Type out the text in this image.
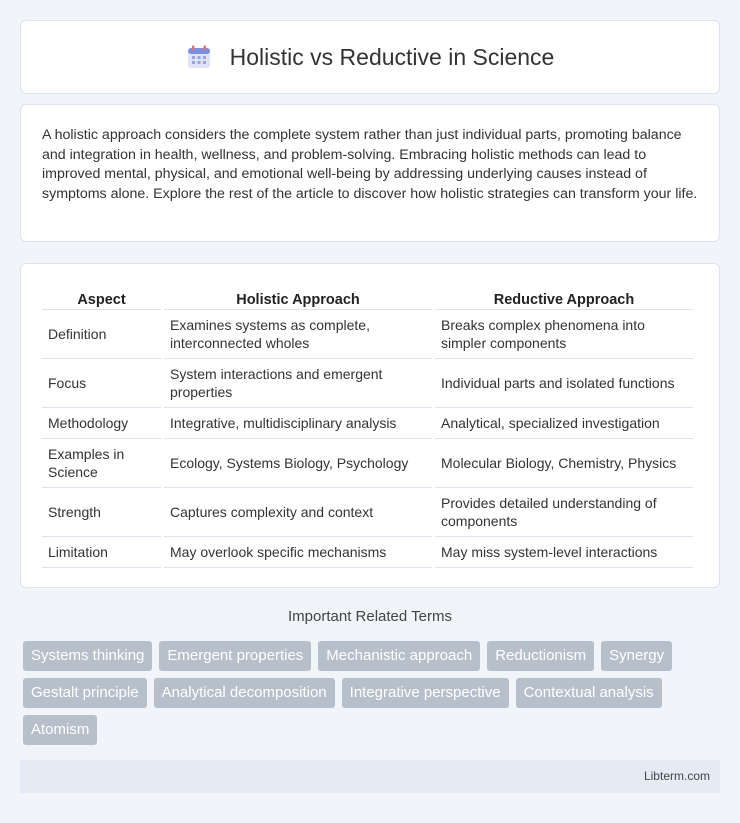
Holistic vs Reductive in Science

A holistic approach considers the complete system rather than just individual parts, promoting balance and integration in health, wellness, and problem-solving. Embracing holistic methods can lead to improved mental, physical, and emotional well-being by addressing underlying causes instead of symptoms alone. Explore the rest of the article to discover how holistic strategies can transform your life.

Aspect	Holistic Approach	Reductive Approach
Definition	Examines systems as complete, interconnected wholes	Breaks complex phenomena into simpler components
Focus	System interactions and emergent properties	Individual parts and isolated functions
Methodology	Integrative, multidisciplinary analysis	Analytical, specialized investigation
Examples in Science	Ecology, Systems Biology, Psychology	Molecular Biology, Chemistry, Physics
Strength	Captures complexity and context	Provides detailed understanding of components
Limitation	May overlook specific mechanisms	May miss system-level interactions
Important Related Terms
Systems thinking	Emergent properties	Mechanistic approach	Reductionism	Synergy
Gestalt principle	Analytical decomposition	Integrative perspective	Contextual analysis
Atomism
Libterm.com
